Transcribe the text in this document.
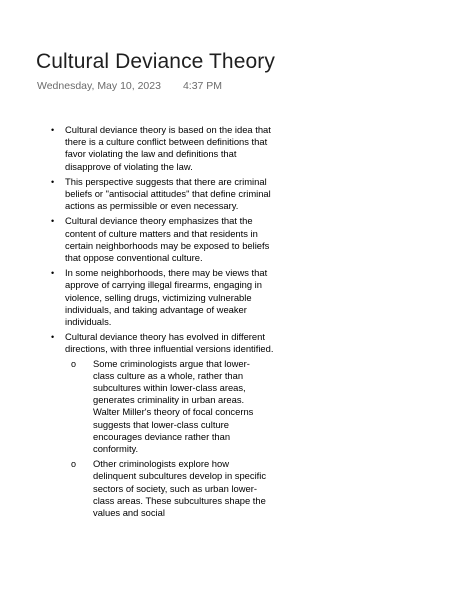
Cultural Deviance Theory
Wednesday, May 10, 2023 4:37 PM
• Cultural deviance theory is based on the idea that there is a culture conflict between definitions that favor violating the law and definitions that disapprove of violating the law.
• This perspective suggests that there are criminal beliefs or "antisocial attitudes" that define criminal actions as permissible or even necessary.
• Cultural deviance theory emphasizes that the content of culture matters and that residents in certain neighborhoods may be exposed to beliefs that oppose conventional culture.
• In some neighborhoods, there may be views that approve of carrying illegal firearms, engaging in violence, selling drugs, victimizing vulnerable individuals, and taking advantage of weaker individuals.
• Cultural deviance theory has evolved in different directions, with three influential versions identified.
o Some criminologists argue that lower-class culture as a whole, rather than subcultures within lower-class areas, generates criminality in urban areas. Walter Miller's theory of focal concerns suggests that lower-class culture encourages deviance rather than conformity.
o Other criminologists explore how delinquent subcultures develop in specific sectors of society, such as urban lower-class areas. These subcultures shape the values and social
